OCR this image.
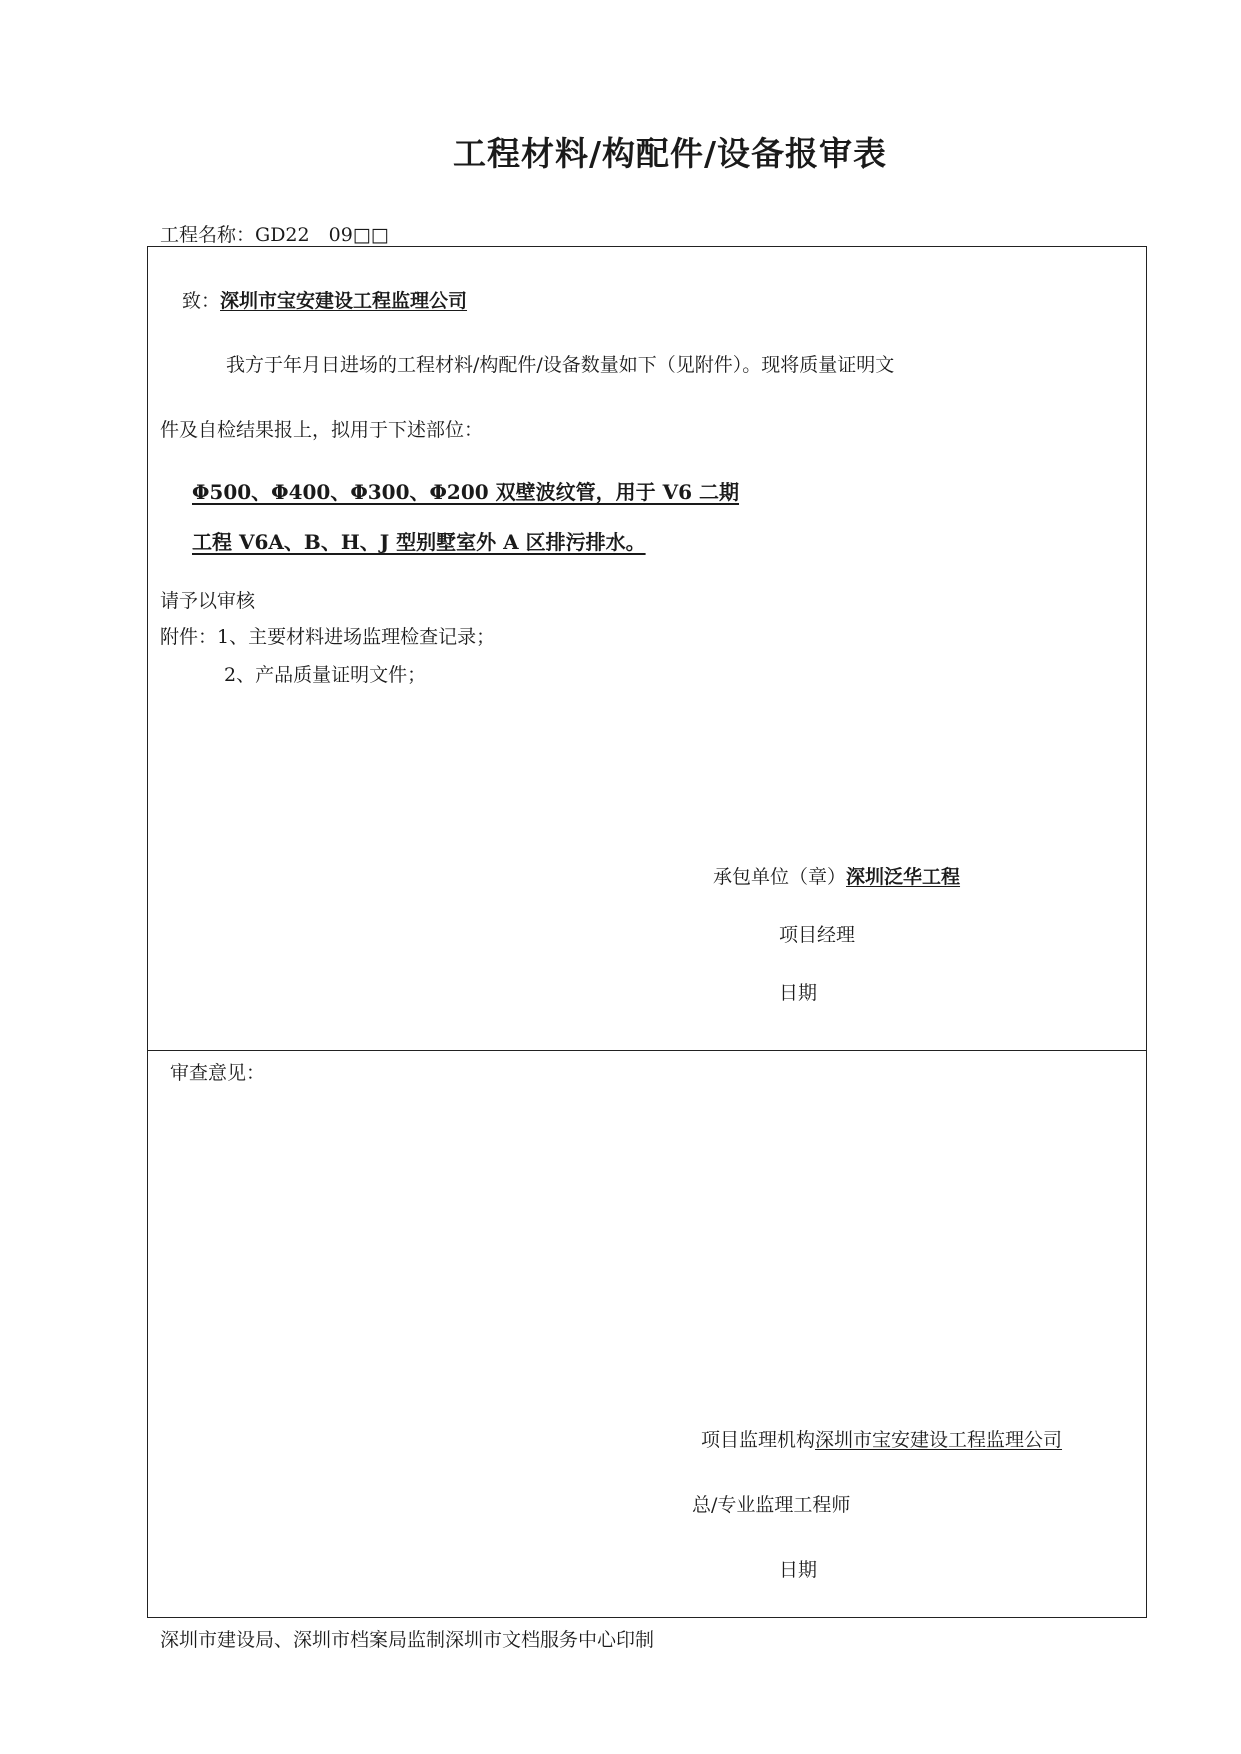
工程材料/构配件/设备报审表
工程名称：GD22　09□□
致：深圳市宝安建设工程监理公司
我方于年月日进场的工程材料/构配件/设备数量如下（见附件）。现将质量证明文
件及自检结果报上，拟用于下述部位：
Φ500、Φ400、Φ300、Φ200 双壁波纹管，用于 V6 二期
工程 V6A、B、H、J 型别墅室外 A 区排污排水。
请予以审核
附件：1、主要材料进场监理检查记录；
2、产品质量证明文件；
承包单位（章）深圳泛华工程
项目经理
日期
审查意见：
项目监理机构深圳市宝安建设工程监理公司
总/专业监理工程师
日期
深圳市建设局、深圳市档案局监制深圳市文档服务中心印制
